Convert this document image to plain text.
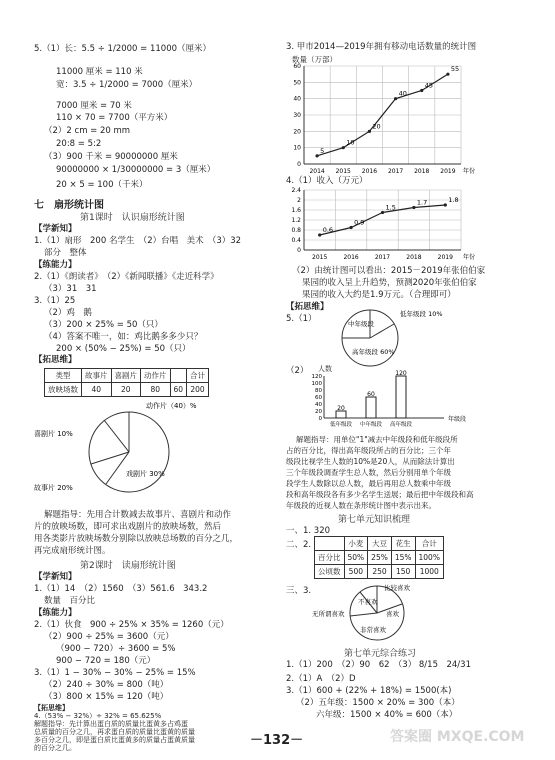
5.（1）长：5.5 ÷ 1/2000 = 11000（厘米）
11000 厘米 = 110 米
宽：3.5 ÷ 1/2000 = 7000（厘米）
7000 厘米 = 70 米
110 × 70 = 7700（平方米）
（2）2 cm = 20 mm
20:8 = 5:2
（3）900 千米 = 90000000 厘米
90000000 × 1/30000000 = 3（厘米）
20 × 5 = 100（千米）
七　扇形统计图
第1课时　认识扇形统计图
【学新知】
1.（1）扇形　200 名学生　（2）台唱　美术　（3）32
部分　整体
【练能力】
2.（1）《朗读者》　（2）《新闻联播》《走近科学》
（3）31　31
3.（1）25
（2）鸡　鹅
（3）200 × 25% = 50（只）
（4）答案不唯一，如：鸡比鹅多多少只？
200 × (50% − 25%) = 50（只）
【拓思维】
类型	故事片	喜剧片	动作片		合计
放映场数	40	20	80	60	200
动作片（40）%
喜剧片 10%
故事片 20%
戏剧片 30%
解题指导：先用合计数减去故事片、喜剧片和动作
片的放映场数，即可求出戏剧片的放映场数，然后
用各类影片放映场数分别除以放映总场数的百分之几，
再完成扇形统计图。
第2课时　读扇形统计图
【学新知】
1.（1）14　（2）1560　（3）561.6　343.2
数量　百分比
【练能力】
2.（1）伙食　900 ÷ 25% × 35% = 1260（元）
（2）900 ÷ 25% = 3600（元）
（900 − 720）÷ 3600 = 5%
900 − 720 = 180（元）
3.（1）1 − 30% − 30% − 25% = 15%
（2）240 ÷ 30% = 800（吨）
（3）800 × 15% = 120（吨）
【拓思维】
4.（53% − 32%）÷ 32% = 65.625%
解题指导：先计算出蛋白质的质量比蛋黄多占鸡蛋
总质量的百分之几，再求蛋白质的质量比蛋黄的质量
多百分之几，即是蛋白质比蛋黄多的质量占蛋黄质量
的百分之几。
3. 甲市2014—2019年拥有移动电话数量的统计图
数量（万部）
0
10
20
30
40
50
60
5
10
20
40
45
55
2014 2015 2016 2017 2018 2019 年份
4.（1）收入（万元）
0
0.4
0.8
1.2
1.6
2
2.4
0.6
0.9
1.5
1.7	1.8
2015	2016	2017	2018	2019 年份
（2）由统计图可以看出：2015－2019年张伯伯家
果园的收入呈上升趋势，预测2020年张伯伯家
果园的收入大约是1.9万元。（合理即可）
【拓思维】
5.（1）	中年级段
低年级段 10%
高年级段 60%
（2） 人数
0
20
40
60
80
100
120
20
低年级段
60
中年级段
120
高年级段
年级段
解题指导：用单位"1"减去中年级段和低年级段所
占的百分比，得出高年级段所占的百分比；三个年
级段比视学生人数的10%是20人，从而除法计算出
三个年级段调查学生总人数，然后分别用单个年级
段学生人数除以总人数，最后再用总人数乘中年级
段和高年级段各有多少名学生送展；最后把中年级段和高
年级段的近视人数在条形统计图中表示出来。
第七单元知识梳理
一、1. 320
二、2.
		小麦	大豆	花生	合计
百分比	50%	25%	15%	100%
公顷数	500	250	150	1000
三、3.
不喜欢
比较喜欢
无所谓喜欢
非常喜欢
喜欢
第七单元综合练习
1.（1）200　（2）90　62　（3） 8/15　24/31
2.（1）A　（2）D
3.（1）600 + (22% + 18%) = 1500(本)
（2）五年级：1500 × 20% = 300（本）
六年级：1500 × 40% = 600（本）
－132－	答案圈 MXQE.COM
